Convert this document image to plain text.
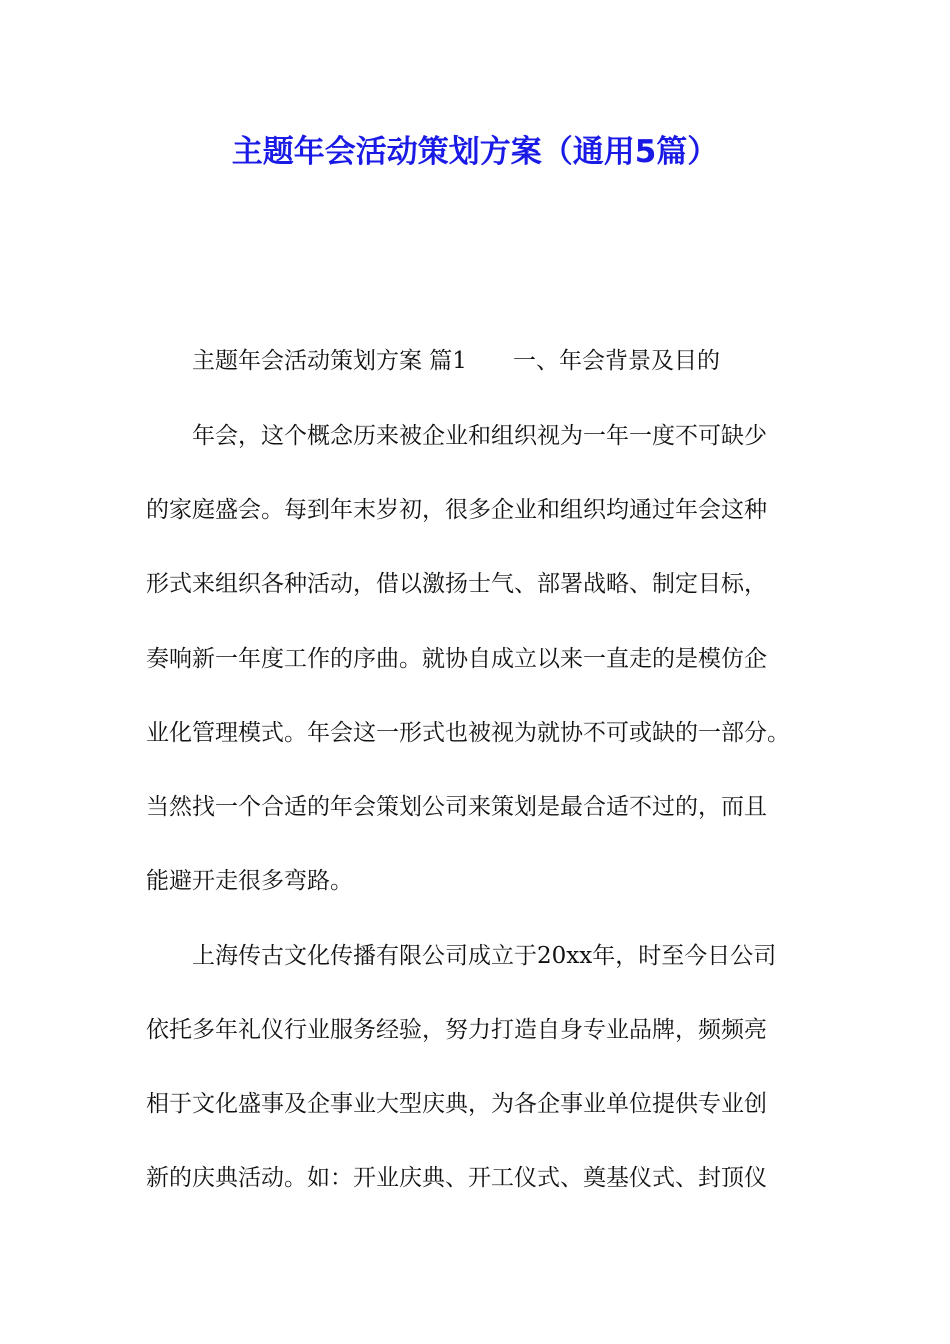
主题年会活动策划方案（通用5篇）
主题年会活动策划方案 篇1 一、年会背景及目的
年会，这个概念历来被企业和组织视为一年一度不可缺少
的家庭盛会。每到年末岁初，很多企业和组织均通过年会这种
形式来组织各种活动，借以激扬士气、部署战略、制定目标，
奏响新一年度工作的序曲。就协自成立以来一直走的是模仿企
业化管理模式。年会这一形式也被视为就协不可或缺的一部分。
当然找一个合适的年会策划公司来策划是最合适不过的，而且
能避开走很多弯路。
上海传古文化传播有限公司成立于20xx年，时至今日公司
依托多年礼仪行业服务经验，努力打造自身专业品牌，频频亮
相于文化盛事及企事业大型庆典，为各企事业单位提供专业创
新的庆典活动。如：开业庆典、开工仪式、奠基仪式、封顶仪
